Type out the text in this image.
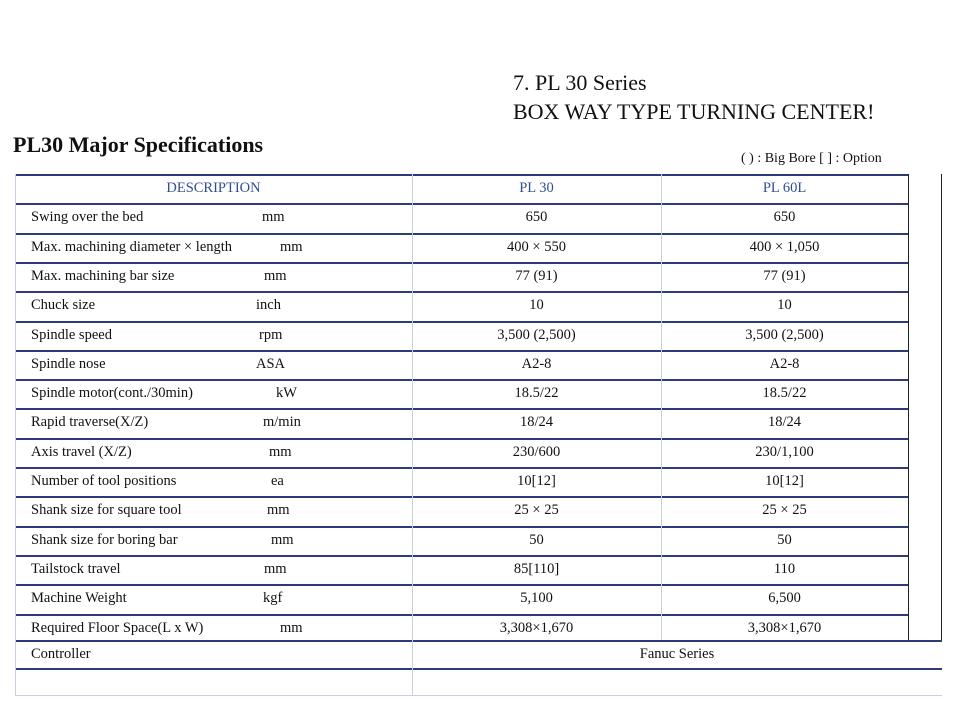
7. PL 30 Series
BOX WAY TYPE TURNING CENTER!
PL30 Major Specifications
( ) : Big Bore [ ] : Option
DESCRIPTION	PL 30	PL 60L
Swing over the bed	mm	650	650
Max. machining diameter × length	mm	400 × 550	400 × 1,050
Max. machining bar size	mm	77 (91)	77 (91)
Chuck size	inch	10	10
Spindle speed	rpm	3,500 (2,500)	3,500 (2,500)
Spindle nose	ASA	A2-8	A2-8
Spindle motor(cont./30min)	kW	18.5/22	18.5/22
Rapid traverse(X/Z)	m/min	18/24	18/24
Axis travel (X/Z)	mm	230/600	230/1,100
Number of tool positions	ea	10[12]	10[12]
Shank size for square tool	mm	25 × 25	25 × 25
Shank size for boring bar	mm	50	50
Tailstock travel	mm	85[110]	110
Machine Weight	kgf	5,100	6,500
Required Floor Space(L x W)	mm	3,308×1,670	3,308×1,670
Controller	Fanuc Series
